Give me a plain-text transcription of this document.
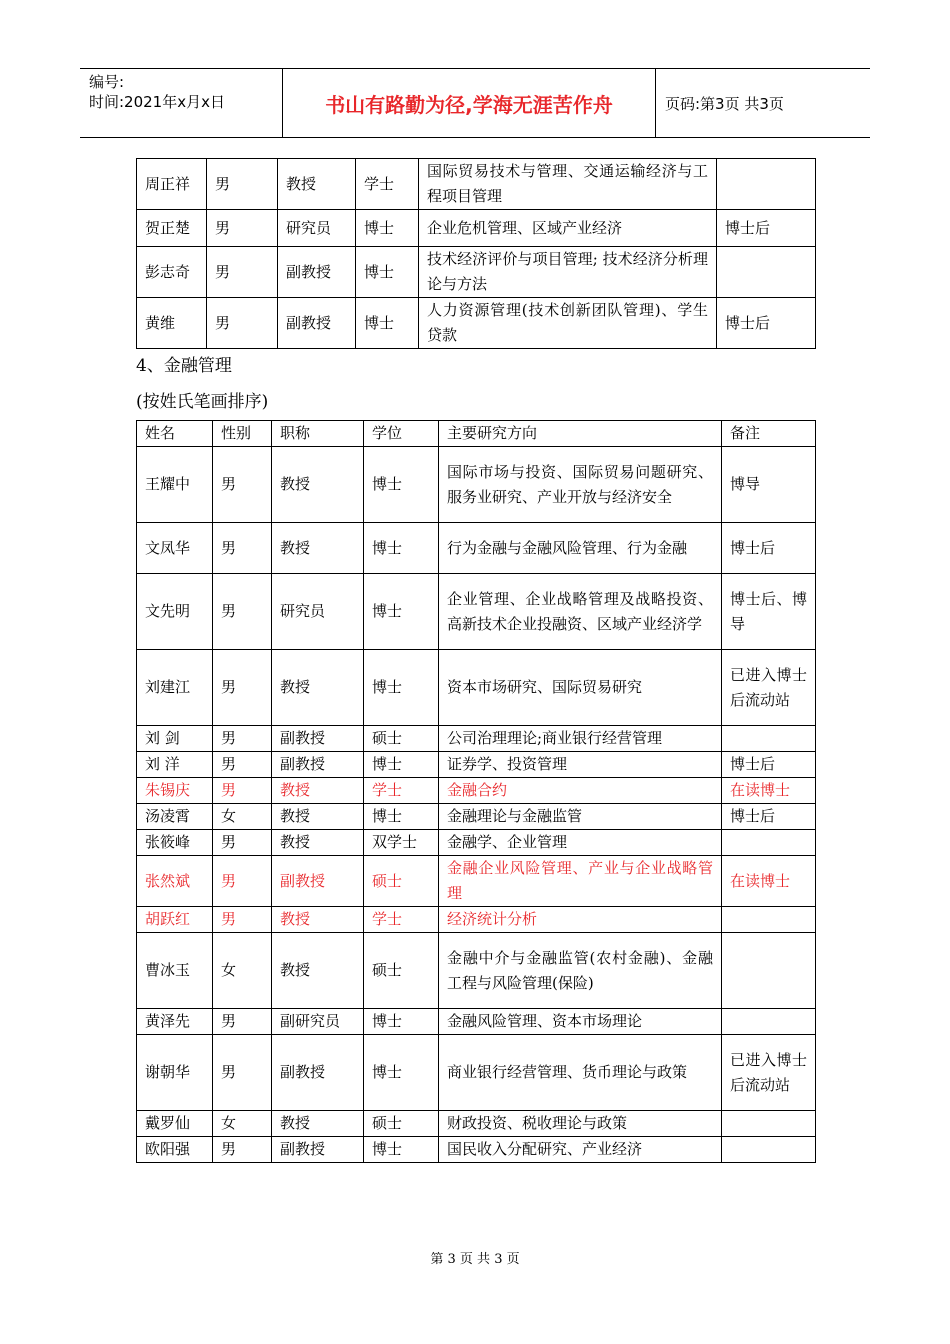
编号:
时间:2021年x月x日	书山有路勤为径,学海无涯苦作舟	页码:第3页 共3页
周正祥	男	教授	学士	国际贸易技术与管理、交通运输经济与工程项目管理	
贺正楚	男	研究员	博士	企业危机管理、区域产业经济	博士后
彭志奇	男	副教授	博士	技术经济评价与项目管理; 技术经济分析理论与方法	
黄维	男	副教授	博士	人力资源管理(技术创新团队管理)、学生贷款	博士后
4、金融管理
(按姓氏笔画排序)
姓名	性别	职称	学位	主要研究方向	备注
王耀中	男	教授	博士	国际市场与投资、国际贸易问题研究、服务业研究、产业开放与经济安全	博导
文凤华	男	教授	博士	行为金融与金融风险管理、行为金融	博士后
文先明	男	研究员	博士	企业管理、企业战略管理及战略投资、高新技术企业投融资、区域产业经济学	博士后、博导
刘建江	男	教授	博士	资本市场研究、国际贸易研究	已进入博士后流动站
刘 剑	男	副教授	硕士	公司治理理论;商业银行经营管理	
刘 洋	男	副教授	博士	证券学、投资管理	博士后
朱锡庆	男	教授	学士	金融合约	在读博士
汤凌霄	女	教授	博士	金融理论与金融监管	博士后
张筱峰	男	教授	双学士	金融学、企业管理	
张然斌	男	副教授	硕士	金融企业风险管理、产业与企业战略管理	在读博士
胡跃红	男	教授	学士	经济统计分析	
曹冰玉	女	教授	硕士	金融中介与金融监管(农村金融)、金融工程与风险管理(保险)	
黄泽先	男	副研究员	博士	金融风险管理、资本市场理论	
谢朝华	男	副教授	博士	商业银行经营管理、货币理论与政策	已进入博士后流动站
戴罗仙	女	教授	硕士	财政投资、税收理论与政策	
欧阳强	男	副教授	博士	国民收入分配研究、产业经济	
第 3 页 共 3 页
